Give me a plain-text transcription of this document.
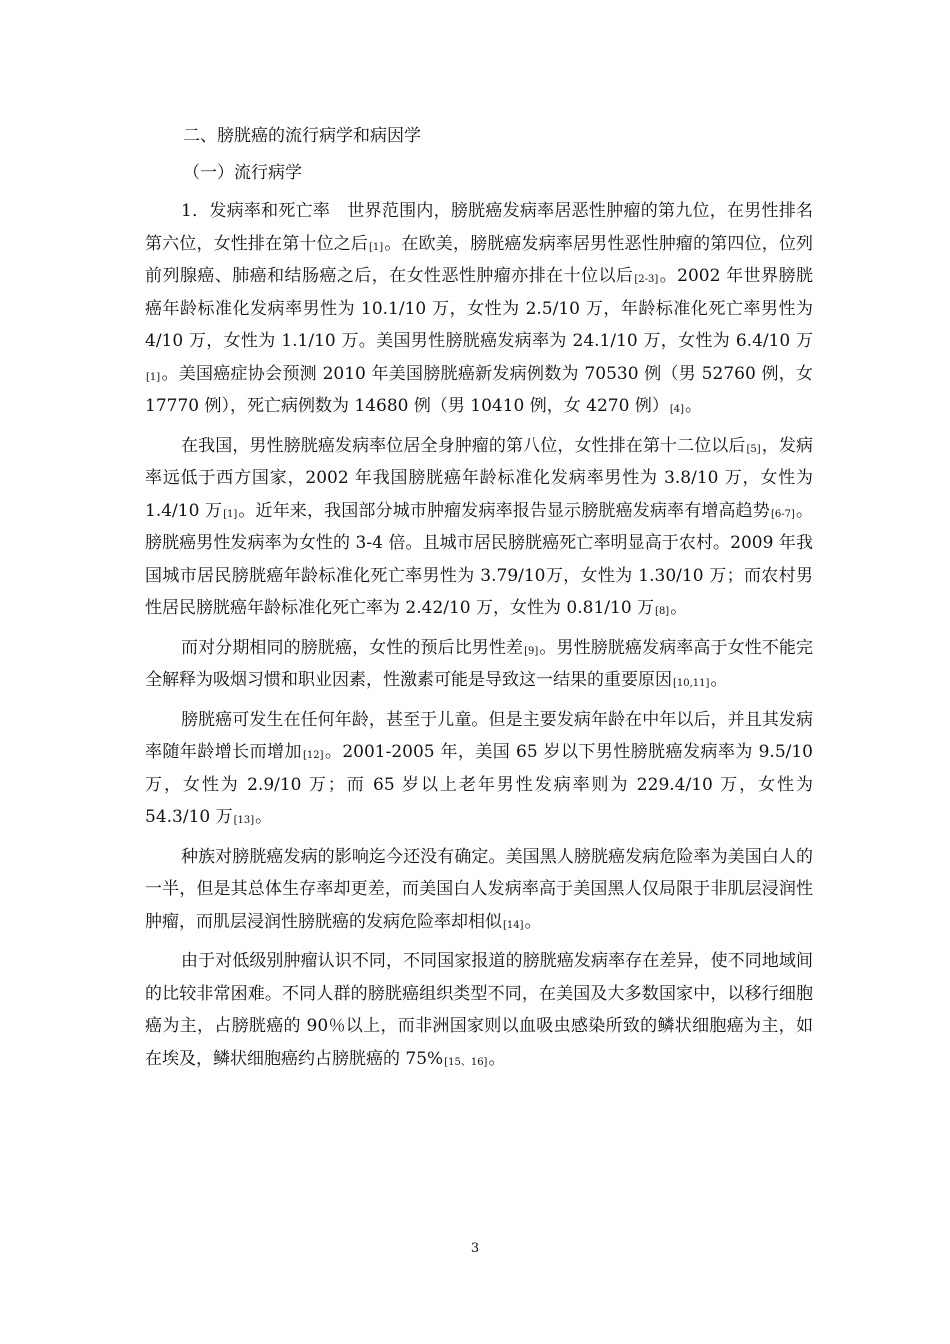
二、膀胱癌的流行病学和病因学
（一）流行病学

1．发病率和死亡率　世界范围内，膀胱癌发病率居恶性肿瘤的第九位，在男性排名第六位，女性排在第十位之后[1]。在欧美，膀胱癌发病率居男性恶性肿瘤的第四位，位列前列腺癌、肺癌和结肠癌之后，在女性恶性肿瘤亦排在十位以后[2-3]。2002 年世界膀胱癌年龄标准化发病率男性为 10.1/10 万，女性为 2.5/10 万，年龄标准化死亡率男性为 4/10 万，女性为 1.1/10 万。美国男性膀胱癌发病率为 24.1/10 万，女性为 6.4/10 万[1]。美国癌症协会预测 2010 年美国膀胱癌新发病例数为 70530 例（男 52760 例，女 17770 例），死亡病例数为 14680 例（男 10410 例，女 4270 例）[4]。

在我国，男性膀胱癌发病率位居全身肿瘤的第八位，女性排在第十二位以后[5]，发病率远低于西方国家，2002 年我国膀胱癌年龄标准化发病率男性为 3.8/10 万，女性为 1.4/10 万[1]。近年来，我国部分城市肿瘤发病率报告显示膀胱癌发病率有增高趋势[6-7]。膀胱癌男性发病率为女性的 3-4 倍。且城市居民膀胱癌死亡率明显高于农村。2009 年我国城市居民膀胱癌年龄标准化死亡率男性为 3.79/10万，女性为 1.30/10 万；而农村男性居民膀胱癌年龄标准化死亡率为 2.42/10 万，女性为 0.81/10 万[8]。

而对分期相同的膀胱癌，女性的预后比男性差[9]。男性膀胱癌发病率高于女性不能完全解释为吸烟习惯和职业因素，性激素可能是导致这一结果的重要原因[10,11]。

膀胱癌可发生在任何年龄，甚至于儿童。但是主要发病年龄在中年以后，并且其发病率随年龄增长而增加[12]。2001-2005 年，美国 65 岁以下男性膀胱癌发病率为 9.5/10 万，女性为 2.9/10 万；而 65 岁以上老年男性发病率则为 229.4/10 万，女性为 54.3/10 万[13]。

种族对膀胱癌发病的影响迄今还没有确定。美国黑人膀胱癌发病危险率为美国白人的一半，但是其总体生存率却更差，而美国白人发病率高于美国黑人仅局限于非肌层浸润性肿瘤，而肌层浸润性膀胱癌的发病危险率却相似[14]。

由于对低级别肿瘤认识不同，不同国家报道的膀胱癌发病率存在差异，使不同地域间的比较非常困难。不同人群的膀胱癌组织类型不同，在美国及大多数国家中，以移行细胞癌为主，占膀胱癌的 90％以上，而非洲国家则以血吸虫感染所致的鳞状细胞癌为主，如在埃及，鳞状细胞癌约占膀胱癌的 75%[15、16]。

3
